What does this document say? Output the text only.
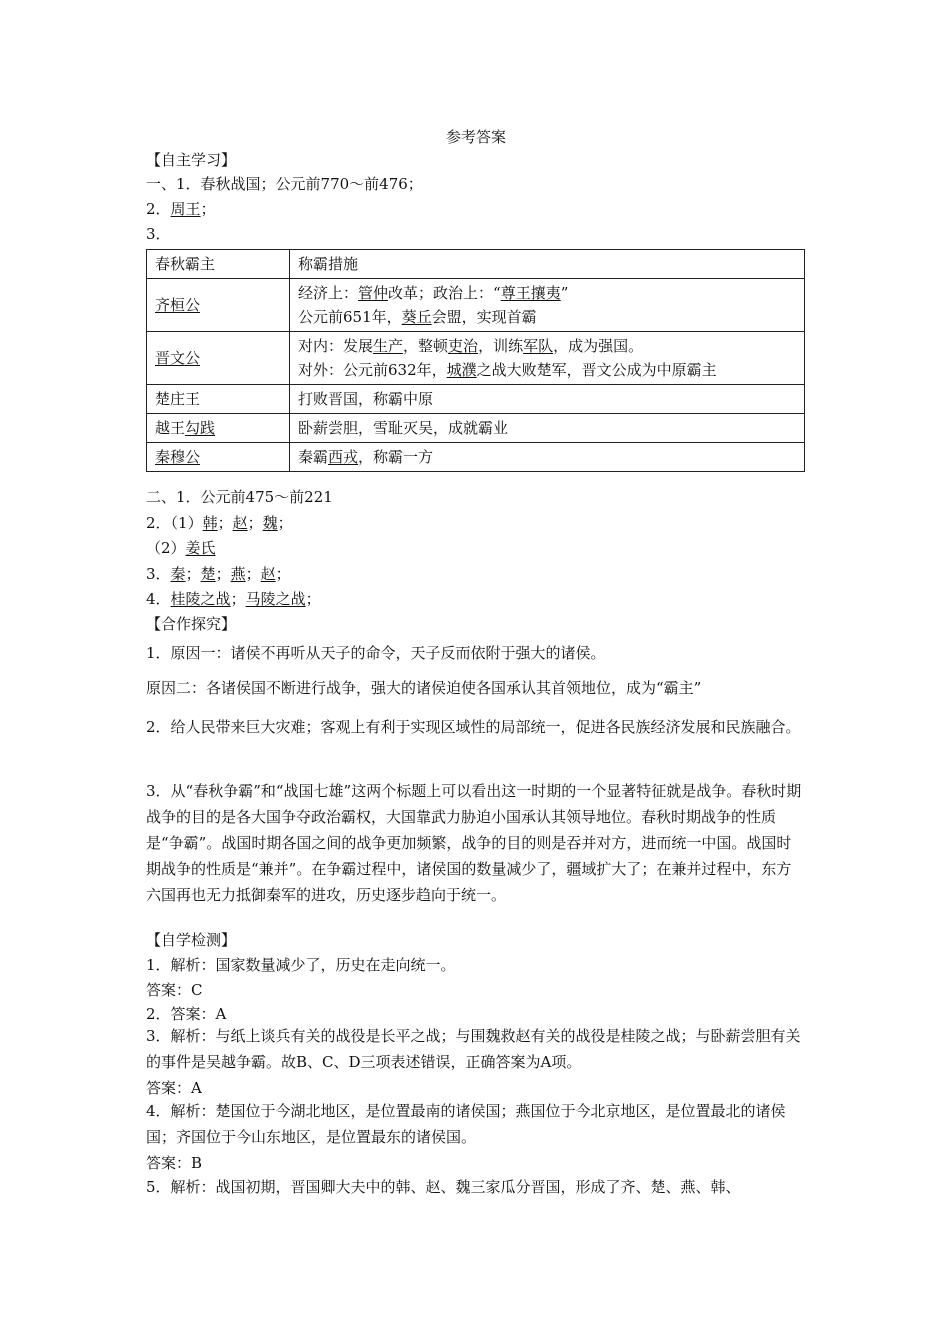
参考答案
【自主学习】
一、1．春秋战国；公元前770～前476；
2．周王；
3．
春秋霸主	称霸措施
齐桓公	经济上：管仲改革；政治上：“尊王攘夷”
公元前651年，葵丘会盟，实现首霸

晋文公	对内：发展生产，整顿吏治，训练军队，成为强国。
对外：公元前632年，城濮之战大败楚军，晋文公成为中原霸主

楚庄王	打败晋国，称霸中原
越王勾践	卧薪尝胆，雪耻灭吴，成就霸业
秦穆公	秦霸西戎，称霸一方
二、1．公元前475～前221
2．（1）韩；赵；魏；
（2）姜氏
3．秦；楚；燕；赵；
4．桂陵之战；马陵之战；
【合作探究】
1．原因一：诸侯不再听从天子的命令，天子反而依附于强大的诸侯。
原因二：各诸侯国不断进行战争，强大的诸侯迫使各国承认其首领地位，成为“霸主”
2．给人民带来巨大灾难；客观上有利于实现区域性的局部统一，促进各民族经济发展和民族融合。
3．从“春秋争霸”和“战国七雄”这两个标题上可以看出这一时期的一个显著特征就是战争。春秋时期战争的目的是各大国争夺政治霸权，大国靠武力胁迫小国承认其领导地位。春秋时期战争的性质是“争霸”。战国时期各国之间的战争更加频繁，战争的目的则是吞并对方，进而统一中国。战国时期战争的性质是“兼并”。在争霸过程中，诸侯国的数量减少了，疆域扩大了；在兼并过程中，东方六国再也无力抵御秦军的进攻，历史逐步趋向于统一。
【自学检测】
1．解析：国家数量减少了，历史在走向统一。
答案：C
2．答案：A
3．解析：与纸上谈兵有关的战役是长平之战；与围魏救赵有关的战役是桂陵之战；与卧薪尝胆有关的事件是吴越争霸。故B、C、D三项表述错误，正确答案为A项。
答案：A
4．解析：楚国位于今湖北地区，是位置最南的诸侯国；燕国位于今北京地区，是位置最北的诸侯国；齐国位于今山东地区，是位置最东的诸侯国。
答案：B
5．解析：战国初期，晋国卿大夫中的韩、赵、魏三家瓜分晋国，形成了齐、楚、燕、韩、
